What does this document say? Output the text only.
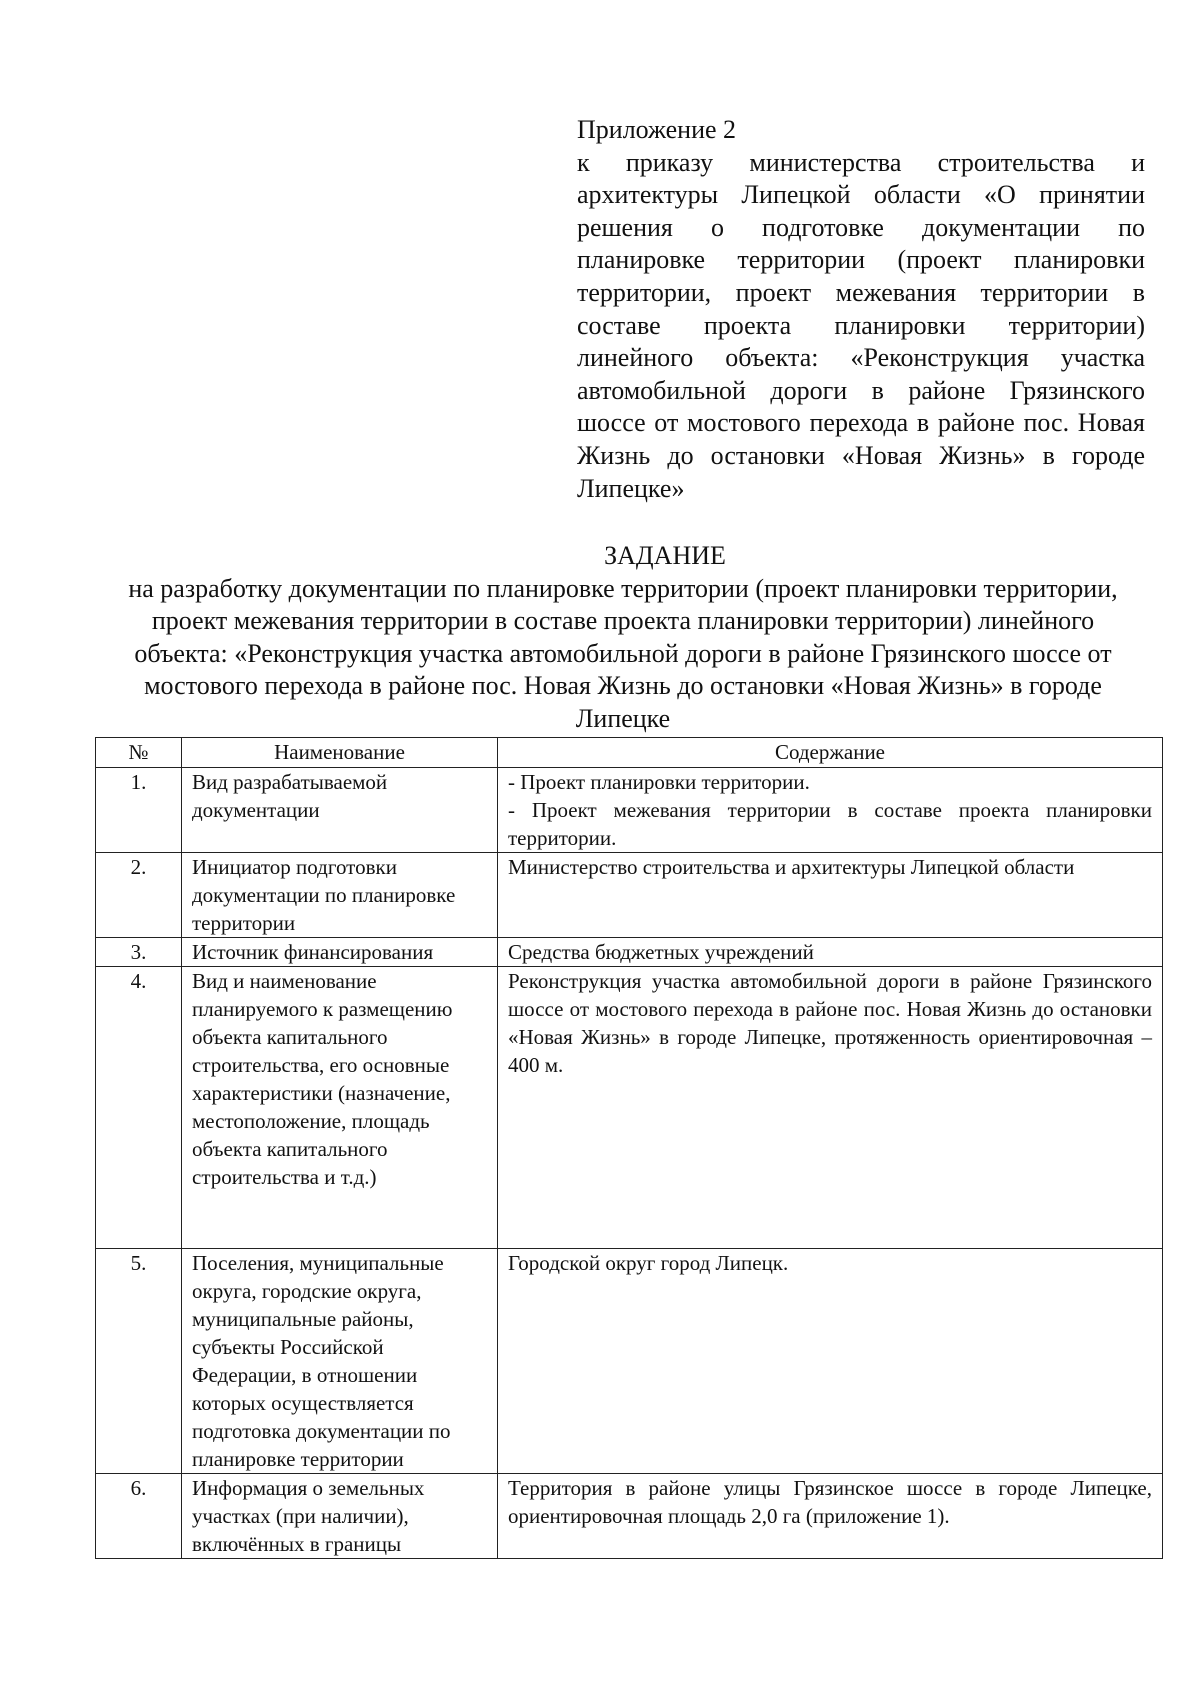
Приложение 2
к приказу министерства строительства и архитектуры Липецкой области «О принятии решения о подготовке документации по планировке территории (проект планировки территории, проект межевания территории в составе проекта планировки территории) линейного объекта: «Реконструкция участка автомобильной дороги в районе Грязинского шоссе от мостового перехода в районе пос. Новая Жизнь до остановки «Новая Жизнь» в городе Липецке»
ЗАДАНИЕ
на разработку документации по планировке территории (проект планировки территории, проект межевания территории в составе проекта планировки территории) линейного объекта: «Реконструкция участка автомобильной дороги в районе Грязинского шоссе от мостового перехода в районе пос. Новая Жизнь до остановки «Новая Жизнь» в городе Липецке
№	Наименование	Содержание
1.	Вид разрабатываемой документации	- Проект планировки территории.
- Проект межевания территории в составе проекта планировки территории.

2.	Инициатор подготовки документации по планировке территории	Министерство строительства и архитектуры Липецкой области

3.	Источник финансирования	Средства бюджетных учреждений

4.	Вид и наименование планируемого к размещению объекта капитального строительства, его основные характеристики (назначение, местоположение, площадь объекта капитального строительства и т.д.)	Реконструкция участка автомобильной дороги в районе Грязинского шоссе от мостового перехода в районе пос. Новая Жизнь до остановки «Новая Жизнь» в городе Липецке, протяженность ориентировочная – 400 м.

5.	Поселения, муниципальные округа, городские округа, муниципальные районы, субъекты Российской Федерации, в отношении которых осуществляется подготовка документации по планировке территории	Городской округ город Липецк.

6.	Информация о земельных участках (при наличии), включённых в границы	Территория в районе улицы Грязинское шоссе в городе Липецке, ориентировочная площадь 2,0 га (приложение 1).
